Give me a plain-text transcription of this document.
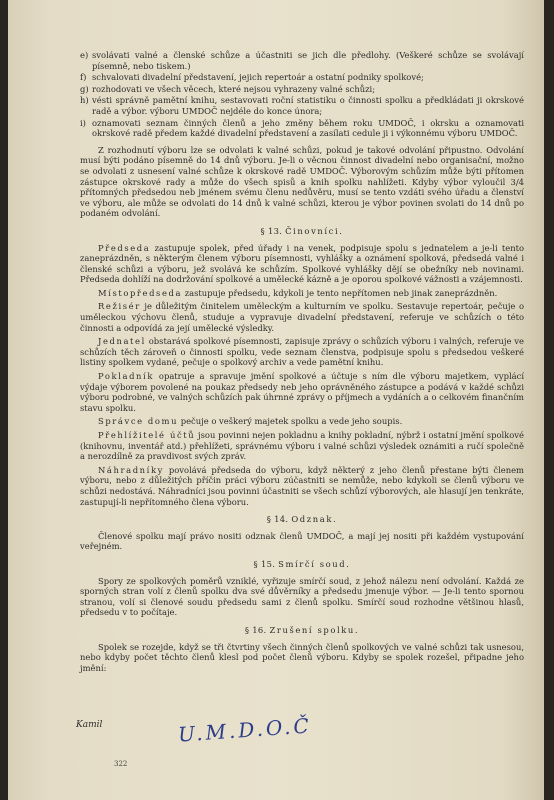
e) svolávati valné a členské schůze a účastniti se jich dle předlohy. (Veškeré schůze se svolávají písemně, nebo tiskem.)
f) schvalovati divadelní představení, jejich repertoár a ostatní podniky spolkové;
g) rozhodovati ve všech věcech, které nejsou vyhrazeny valné schůzi;
h) vésti správně pamětní knihu, sestavovati roční statistiku o činnosti spolku a předkládati ji okrskové radě a výbor. výboru UMDOČ nejdéle do konce února;
i) oznamovati seznam činných členů a jeho změny během roku UMDOČ, i okrsku a oznamovati okrskové radě předem každé divadelní představení a zasílati cedule ji i výkonnému výboru UMDOČ.

Z rozhodnutí výboru lze se odvolati k valné schůzi, pokud je takové odvolání připustno. Odvolání musí býti podáno písemně do 14 dnů výboru. Je-li o věcnou činnost divadelní nebo organisační, možno se odvolati z usnesení valné schůze k okrskové radě UMDOČ. Výborovým schůzím může býti přítomen zástupce okrskové rady a může do všech spisů a knih spolku nahlížeti. Kdyby výbor vyloučil 3/4 přítomných předsedou neb jménem svému členu nedůvěru, musí se tento vzdáti svého úřadu a členství ve výboru, ale může se odvolati do 14 dnů k valné schůzi, kterou je výbor povinen svolati do 14 dnů po podaném odvolání.

§ 13. Činovníci.

Předseda zastupuje spolek, před úřady i na venek, podpisuje spolu s jednatelem a je-li tento zaneprázdněn, s některým členem výboru písemnosti, vyhlášky a oznámení spolková, předsedá valné i členské schůzi a výboru, jež svolává ke schůzím. Spolkové vyhlášky dějí se obežníky neb novinami. Předseda dohlíží na dodržování spolkové a umělecké kázně a je oporou spolkové vážnosti a vzájemnosti.

Místopředseda zastupuje předsedu, kdykoli je tento nepřítomen neb jinak zaneprázdněn.

Režisér je důležitým činitelem uměleckým a kulturním ve spolku. Sestavuje repertoár, pečuje o uměleckou výchovu členů, studuje a vypravuje divadelní představení, referuje ve schůzích o této činnosti a odpovídá za její umělecké výsledky.

Jednatel obstarává spolkové písemnosti, zapisuje zprávy o schůzích výboru i valných, referuje ve schůzích těch zároveň o činnosti spolku, vede seznam členstva, podpisuje spolu s předsedou veškeré listiny spolkem vydané, pečuje o spolkový archiv a vede pamětní knihu.

Pokladník opatruje a spravuje jmění spolkové a účtuje s ním dle výboru majetkem, vyplácí výdaje výborem povolené na poukaz předsedy neb jeho oprávněného zástupce a podává v každé schůzi výboru podrobné, ve valných schůzích pak úhrnné zprávy o příjmech a vydáních a o celkovém finančním stavu spolku.

Správce domu pečuje o veškerý majetek spolku a vede jeho soupis.

Přehlížitelé účtů jsou povinni nejen pokladnu a knihy pokladní, nýbrž i ostatní jmění spolkové (knihovnu, inventář atd.) přehlížeti, správnému výboru i valné schůzi výsledek oznámiti a ručí společně a nerozdílně za pravdivost svých zpráv.

Náhradníky povolává předseda do výboru, když některý z jeho členů přestane býti členem výboru, nebo z důležitých příčin práci výboru zúčastniti se nemůže, nebo kdykoli se členů výboru ve schůzi nedostává. Náhradníci jsou povinni účastniti se všech schůzí výborových, ale hlasují jen tenkráte, zastupují-li nepřítomného člena výboru.

§ 14. Odznak.

Členové spolku mají právo nositi odznak členů UMDOČ, a mají jej nositi při každém vystupování veřejném.

§ 15. Smírčí soud.

Spory ze spolkových poměrů vzniklé, vyřizuje smírčí soud, z jehož nálezu není odvolání. Každá ze sporných stran volí z členů spolku dva své důvěrníky a předsedu jmenuje výbor. — Je-li tento spornou stranou, volí si členové soudu předsedu sami z členů spolku. Smírčí soud rozhodne většinou hlasů, předsedu v to počítaje.

§ 16. Zrušení spolku.

Spolek se rozejde, když se tři čtvrtiny všech činných členů spolkových ve valné schůzi tak usnesou, nebo kdyby počet těchto členů klesl pod počet členů výboru. Kdyby se spolek rozešel, připadne jeho jmění:

Kamil	U.M.D.O.Č
322
